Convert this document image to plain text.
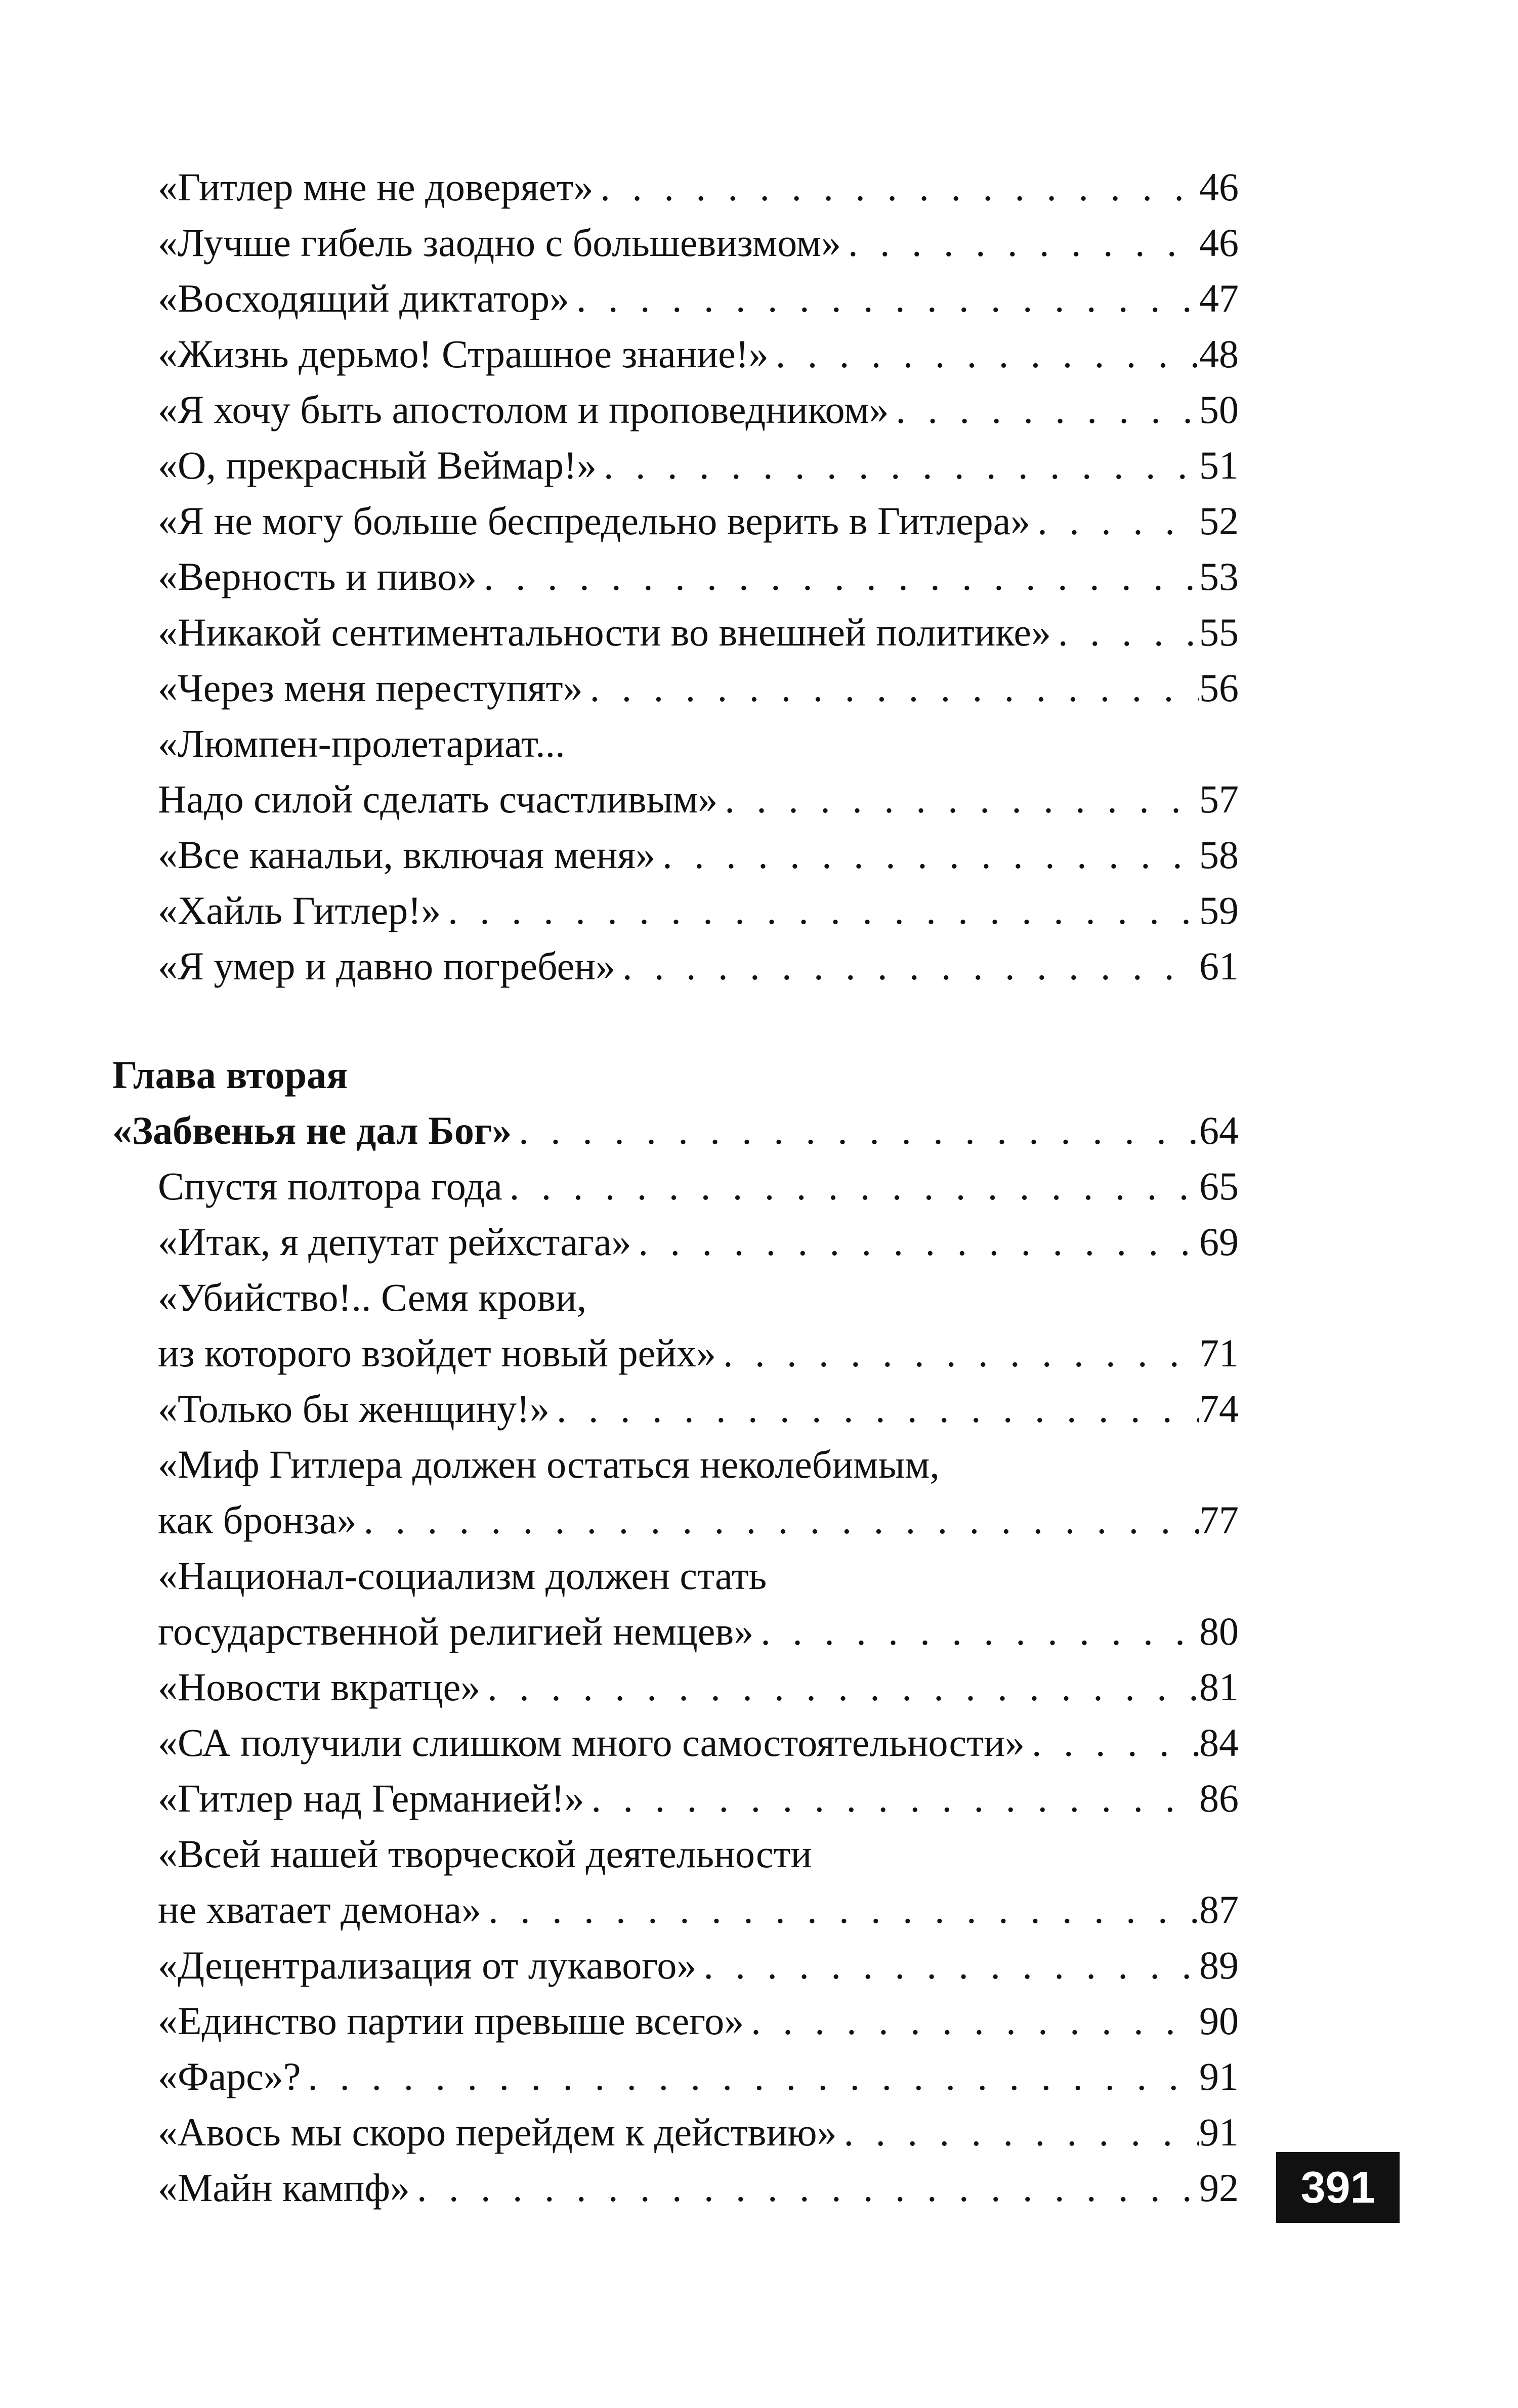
«Гитлер мне не доверяет» . . .	46
«Лучше гибель заодно с большевизмом» . . .	46
«Восходящий диктатор» . . .	47
«Жизнь дерьмо! Страшное знание!» . . .	48
«Я хочу быть апостолом и проповедником» . . .	50
«О, прекрасный Веймар!» . . .	51
«Я не могу больше беспредельно верить в Гитлера» . . .	52
«Верность и пиво» . . .	53
«Никакой сентиментальности во внешней политике» . . .	55
«Через меня переступят» . . .	56
«Люмпен-пролетариат...
Надо силой сделать счастливым» . . .	57
«Все канальи, включая меня» . . .	58
«Хайль Гитлер!» . . .	59
«Я умер и давно погребен» . . .	61
Глава вторая
«Забвенья не дал Бог» . . .	64
Спустя полтора года . . .	65
«Итак, я депутат рейхстага» . . .	69
«Убийство!.. Семя крови,
из которого взойдет новый рейх» . . .	71
«Только бы женщину!» . . .	74
«Миф Гитлера должен остаться неколебимым,
как бронза» . . .	77
«Национал-социализм должен стать
государственной религией немцев» . . .	80
«Новости вкратце» . . .	81
«СА получили слишком много самостоятельности» . . .	84
«Гитлер над Германией!» . . .	86
«Всей нашей творческой деятельности
не хватает демона» . . .	87
«Децентрализация от лукавого» . . .	89
«Единство партии превыше всего» . . .	90
«Фарс»? . . .	91
«Авось мы скоро перейдем к действию» . . .	91
«Майн кампф» . . .	92	391
